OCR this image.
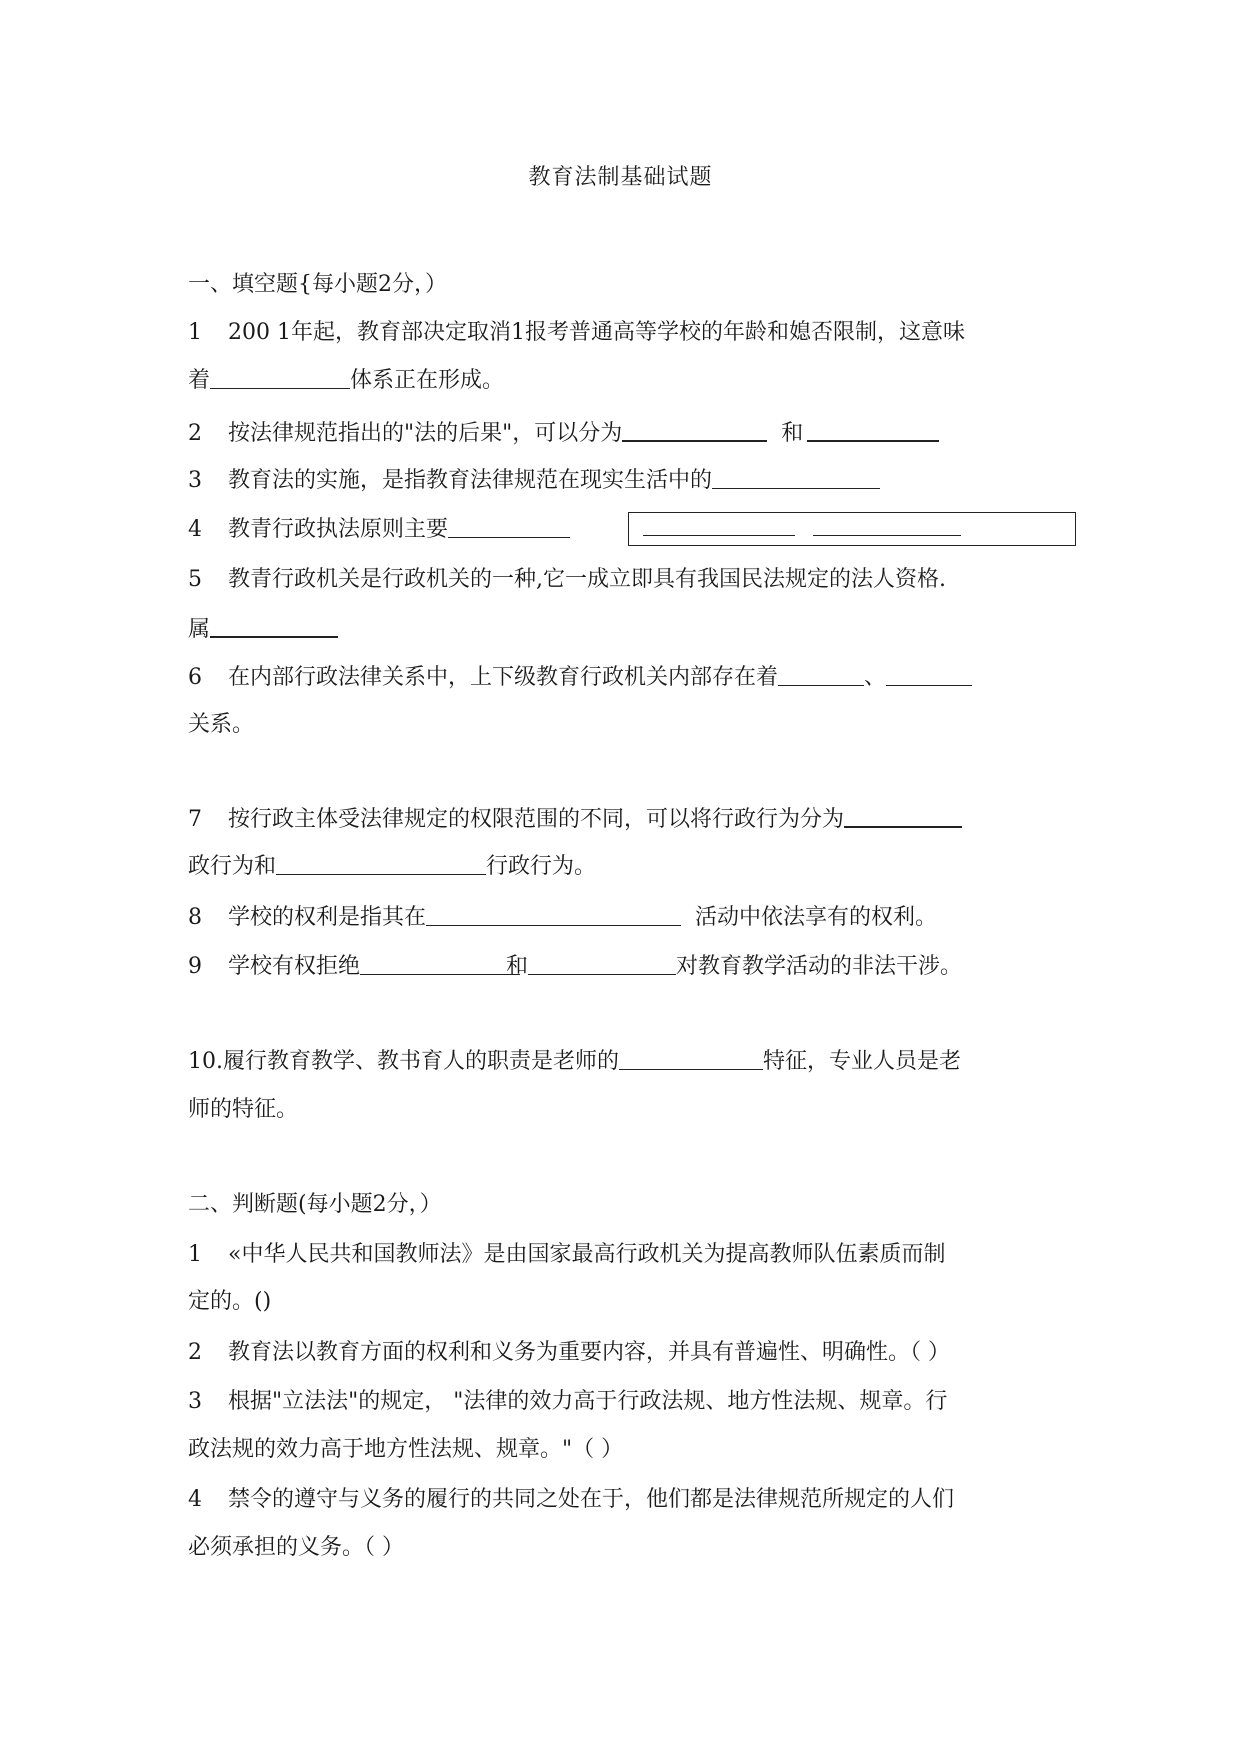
教育法制基础试题
一、填空题{每小题2分，）
1 200 1年起，教育部决定取消1报考普通高等学校的年龄和媳否限制，这意味
着	体系正在形成。
2 按法律规范指出的"法的后果"，可以分为	和
3 教育法的实施，是指教育法律规范在现实生活中的
4 教青行政执法原则主要
5 教青行政机关是行政机关的一种,它一成立即具有我国民法规定的法人资格.
属
6 在内部行政法律关系中，上下级教育行政机关内部存在着	、
关系。
7 按行政主体受法律规定的权限范围的不同，可以将行政行为分为
政行为和	行政行为。
8 学校的权利是指其在	活动中依法享有的权利。
9 学校有权拒绝	和	对教育教学活动的非法干涉。
10.履行教育教学、教书育人的职责是老师的	特征，专业人员是老
师的特征。
二、判断题(每小题2分，）
1 «中华人民共和国教师法》是由国家最高行政机关为提高教师队伍素质而制
定的。()
2 教育法以教育方面的权利和义务为重要内容，并具有普遍性、明确性。（ ）
3 根据"立法法"的规定， "法律的效力高于行政法规、地方性法规、规章。行
政法规的效力高于地方性法规、规章。"（ ）
4 禁令的遵守与义务的履行的共同之处在于，他们都是法律规范所规定的人们
必须承担的义务。（ ）
